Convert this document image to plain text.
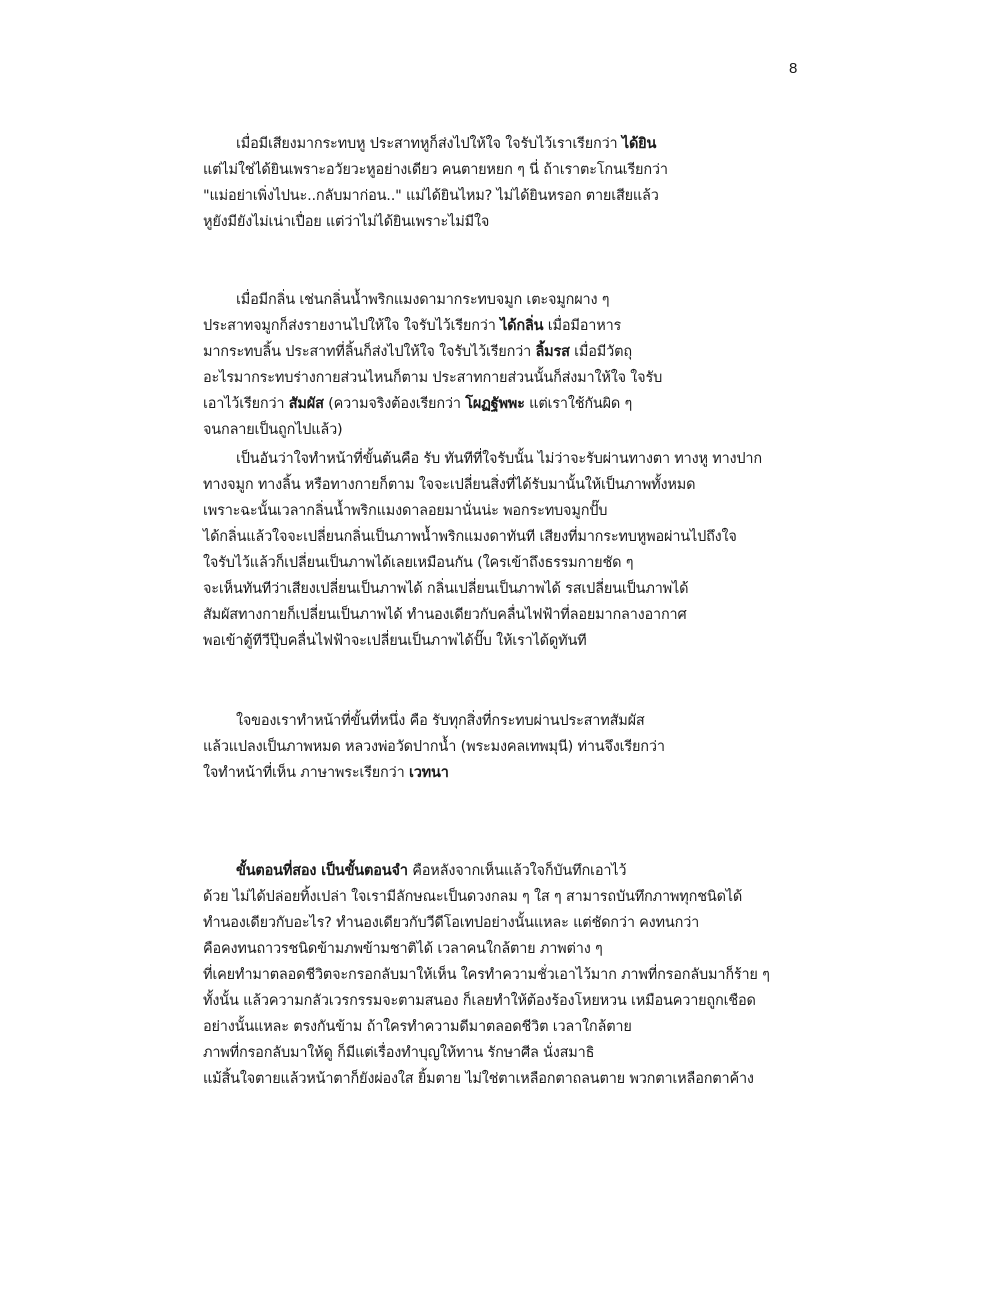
8
เมื่อมีเสียงมากระทบหู ประสาทหูก็ส่งไปให้ใจ ใจรับไว้เราเรียกว่า ได้ยิน
แต่ไม่ใช่ได้ยินเพราะอวัยวะหูอย่างเดียว คนตายหยก ๆ นี่ ถ้าเราตะโกนเรียกว่า
"แม่อย่าเพิ่งไปนะ..กลับมาก่อน.." แม่ได้ยินไหม? ไม่ได้ยินหรอก ตายเสียแล้ว
หูยังมียังไม่เน่าเปื่อย แต่ว่าไม่ได้ยินเพราะไม่มีใจ
เมื่อมีกลิ่น เช่นกลิ่นน้ำพริกแมงดามากระทบจมูก เตะจมูกผาง ๆ
ประสาทจมูกก็ส่งรายงานไปให้ใจ ใจรับไว้เรียกว่า ได้กลิ่น เมื่อมีอาหาร
มากระทบลิ้น ประสาทที่ลิ้นก็ส่งไปให้ใจ ใจรับไว้เรียกว่า ลิ้มรส เมื่อมีวัตถุ
อะไรมากระทบร่างกายส่วนไหนก็ตาม ประสาทกายส่วนนั้นก็ส่งมาให้ใจ ใจรับ
เอาไว้เรียกว่า สัมผัส (ความจริงต้องเรียกว่า โผฏฐัพพะ แต่เราใช้กันผิด ๆ
จนกลายเป็นถูกไปแล้ว)
เป็นอันว่าใจทำหน้าที่ขั้นต้นคือ รับ ทันทีที่ใจรับนั้น ไม่ว่าจะรับผ่านทางตา ทางหู ทางปาก
ทางจมูก ทางลิ้น หรือทางกายก็ตาม ใจจะเปลี่ยนสิ่งที่ได้รับมานั้นให้เป็นภาพทั้งหมด
เพราะฉะนั้นเวลากลิ่นน้ำพริกแมงดาลอยมานั่นน่ะ พอกระทบจมูกปั๊บ
ได้กลิ่นแล้วใจจะเปลี่ยนกลิ่นเป็นภาพน้ำพริกแมงดาทันที เสียงที่มากระทบหูพอผ่านไปถึงใจ
ใจรับไว้แล้วก็เปลี่ยนเป็นภาพได้เลยเหมือนกัน (ใครเข้าถึงธรรมกายชัด ๆ
จะเห็นทันทีว่าเสียงเปลี่ยนเป็นภาพได้ กลิ่นเปลี่ยนเป็นภาพได้ รสเปลี่ยนเป็นภาพได้
สัมผัสทางกายก็เปลี่ยนเป็นภาพได้ ทำนองเดียวกับคลื่นไฟฟ้าที่ลอยมากลางอากาศ
พอเข้าตู้ทีวีปุ๊บคลื่นไฟฟ้าจะเปลี่ยนเป็นภาพได้ปั๊บ ให้เราได้ดูทันที
ใจของเราทำหน้าที่ขั้นที่หนึ่ง คือ รับทุกสิ่งที่กระทบผ่านประสาทสัมผัส
แล้วแปลงเป็นภาพหมด หลวงพ่อวัดปากน้ำ (พระมงคลเทพมุนี) ท่านจึงเรียกว่า
ใจทำหน้าที่เห็น ภาษาพระเรียกว่า เวทนา
ขั้นตอนที่สอง เป็นขั้นตอนจำ คือหลังจากเห็นแล้วใจก็บันทึกเอาไว้
ด้วย ไม่ได้ปล่อยทิ้งเปล่า ใจเรามีลักษณะเป็นดวงกลม ๆ ใส ๆ สามารถบันทึกภาพทุกชนิดได้
ทำนองเดียวกับอะไร? ทำนองเดียวกับวีดีโอเทปอย่างนั้นแหละ แต่ชัดกว่า คงทนกว่า
คือคงทนถาวรชนิดข้ามภพข้ามชาติได้ เวลาคนใกล้ตาย ภาพต่าง ๆ
ที่เคยทำมาตลอดชีวิตจะกรอกลับมาให้เห็น ใครทำความชั่วเอาไว้มาก ภาพที่กรอกลับมาก็ร้าย ๆ
ทั้งนั้น แล้วความกลัวเวรกรรมจะตามสนอง ก็เลยทำให้ต้องร้องโหยหวน เหมือนควายถูกเชือด
อย่างนั้นแหละ ตรงกันข้าม ถ้าใครทำความดีมาตลอดชีวิต เวลาใกล้ตาย
ภาพที่กรอกลับมาให้ดู ก็มีแต่เรื่องทำบุญให้ทาน รักษาศีล นั่งสมาธิ
แม้สิ้นใจตายแล้วหน้าตาก็ยังผ่องใส ยิ้มตาย ไม่ใช่ตาเหลือกตาถลนตาย พวกตาเหลือกตาค้าง
